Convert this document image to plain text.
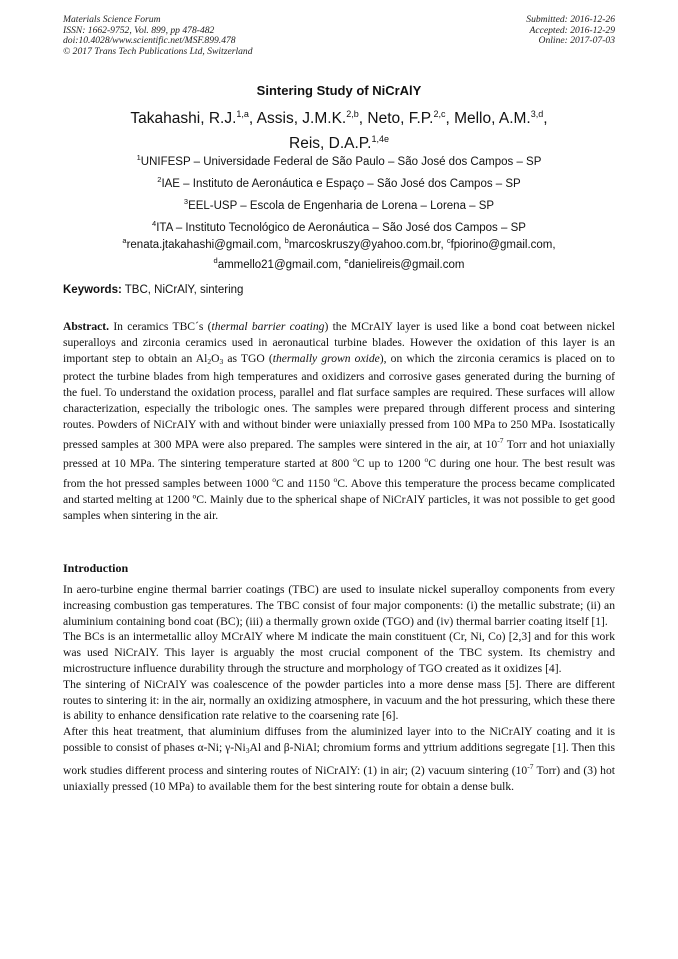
Materials Science Forum
ISSN: 1662-9752, Vol. 899, pp 478-482
doi:10.4028/www.scientific.net/MSF.899.478
© 2017 Trans Tech Publications Ltd, Switzerland
Submitted: 2016-12-26
Accepted: 2016-12-29
Online: 2017-07-03
Sintering Study of NiCrAlY
Takahashi, R.J.$^{1,a}$, Assis, J.M.K.$^{2,b}$, Neto, F.P.$^{2,c}$, Mello, A.M.$^{3,d}$,
Reis, D.A.P.$^{1,4e}$
$^1$UNIFESP – Universidade Federal de São Paulo – São José dos Campos – SP
$^2$IAE – Instituto de Aeronáutica e Espaço – São José dos Campos – SP
$^3$EEL-USP – Escola de Engenharia de Lorena – Lorena – SP
$^4$ITA – Instituto Tecnológico de Aeronáutica – São José dos Campos – SP
$^a$renata.jtakahashi@gmail.com, $^b$marcoskruszy@yahoo.com.br, $^c$fpiorino@gmail.com,
$^d$ammello21@gmail.com, $^e$danielireis@gmail.com
Keywords: TBC, NiCrAlY, sintering
Abstract. In ceramics TBC´s (thermal barrier coating) the MCrAlY layer is used like a bond coat between nickel superalloys and zirconia ceramics used in aeronautical turbine blades. However the oxidation of this layer is an important step to obtain an $Al_2O_3$ as TGO (thermally grown oxide), on which the zirconia ceramics is placed on to protect the turbine blades from high temperatures and oxidizers and corrosive gases generated during the burning of the fuel. To understand the oxidation process, parallel and flat surface samples are required. These surfaces will allow characterization, especially the tribologic ones. The samples were prepared through different process and sintering routes. Powders of NiCrAlY with and without binder were uniaxially pressed from 100 MPa to 250 MPa. Isostatically pressed samples at 300 MPA were also prepared. The samples were sintered in the air, at $10^{-7}$ Torr and hot uniaxially pressed at 10 MPa. The sintering temperature started at 800 $^o$C up to 1200 $^o$C during one hour. The best result was from the hot pressed samples between 1000 $^o$C and 1150 $^o$C. Above this temperature the process became complicated and started melting at 1200 ºC. Mainly due to the spherical shape of NiCrAlY particles, it was not possible to get good samples when sintering in the air.
Introduction

In aero-turbine engine thermal barrier coatings (TBC) are used to insulate nickel superalloy components from every increasing combustion gas temperatures. The TBC consist of four major components: (i) the metallic substrate; (ii) an aluminium containing bond coat (BC); (iii) a thermally grown oxide (TGO) and (iv) thermal barrier coating itself [1].

The BCs is an intermetallic alloy MCrAlY where M indicate the main constituent (Cr, Ni, Co) [2,3] and for this work was used NiCrAlY. This layer is arguably the most crucial component of the TBC system. Its chemistry and microstructure influence durability through the structure and morphology of TGO created as it oxidizes [4].

The sintering of NiCrAlY was coalescence of the powder particles into a more dense mass [5]. There are different routes to sintering it: in the air, normally an oxidizing atmosphere, in vacuum and the hot pressuring, which these there is ability to enhance densification rate relative to the coarsening rate [6].

After this heat treatment, that aluminium diffuses from the aluminized layer into to the NiCrAlY coating and it is possible to consist of phases α-Ni; $\gamma-Ni_3Al$ and β-NiAl; chromium forms and yttrium additions segregate [1]. Then this work studies different process and sintering routes of NiCrAlY: (1) in air; (2) vacuum sintering ($10^{-7}$ Torr) and (3) hot uniaxially pressed (10 MPa) to available them for the best sintering route for obtain a dense bulk.
